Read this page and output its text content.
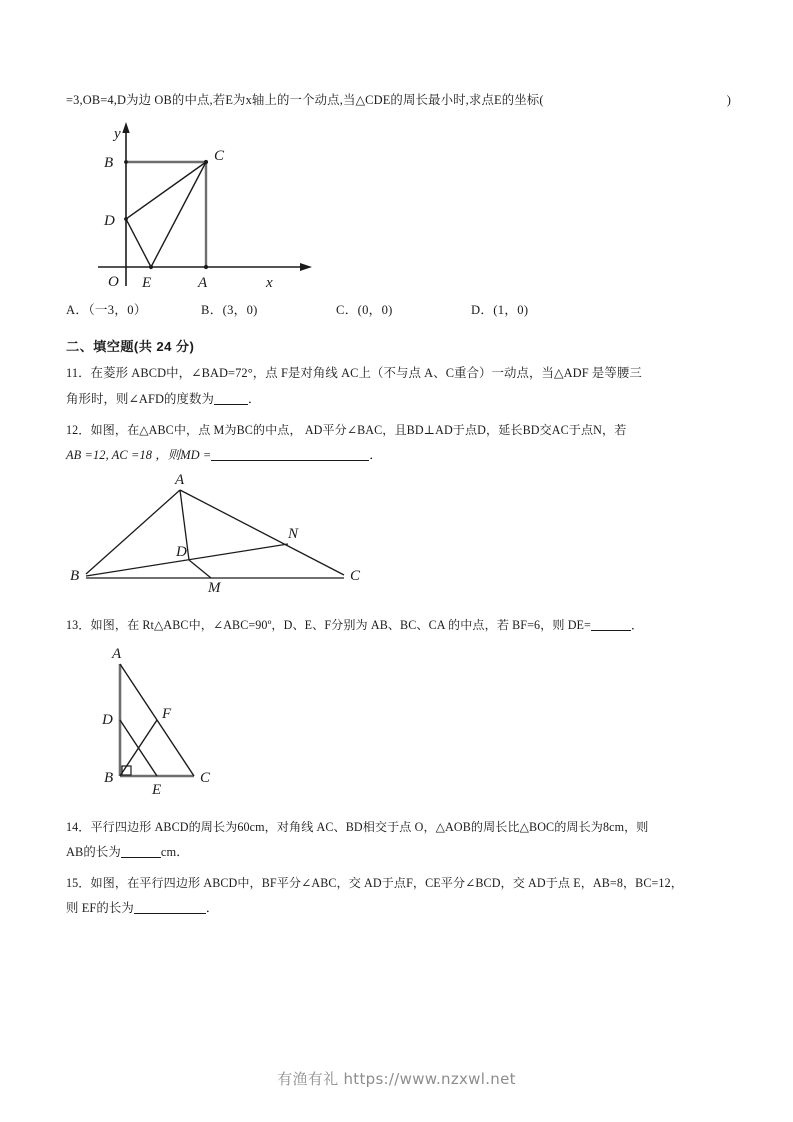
=3,OB=4,D为边 OB的中点,若E为x轴上的一个动点,当△CDE的周长最小时,求点E的坐标(	)
B	C
D
O E	A
y
x
A．（一3，0）	B．(3，0)	C．(0，0)	D．(1，0)
二、填空题(共 24 分)
11．在菱形 ABCD中，∠BAD=72°，点 F是对角线 AC上（不与点 A、C重合）一动点，当△ADF 是等腰三
角形时，则∠AFD的度数为	．
12．如图，在△ABC中，点 M为BC的中点， AD平分∠BAC，且BD⊥AD于点D，延长BD交AC于点N，若
AB =12, AC =18 ，则MD =	．
A
B	C
D
M
N
13．如图，在 Rt△ABC中，∠ABC=90º，D、E、F分别为 AB、BC、CA 的中点，若 BF=6，则 DE=	．
A
D	F
B
E
C
14．平行四边形 ABCD的周长为60cm，对角线 AC、BD相交于点 O，△AOB的周长比△BOC的周长为8cm，则
AB的长为	cm．
15．如图，在平行四边形 ABCD中，BF平分∠ABC，交 AD于点F，CE平分∠BCD，交 AD于点 E，AB=8，BC=12，
则 EF的长为	．
有渔有礼 https://www.nzxwl.net
